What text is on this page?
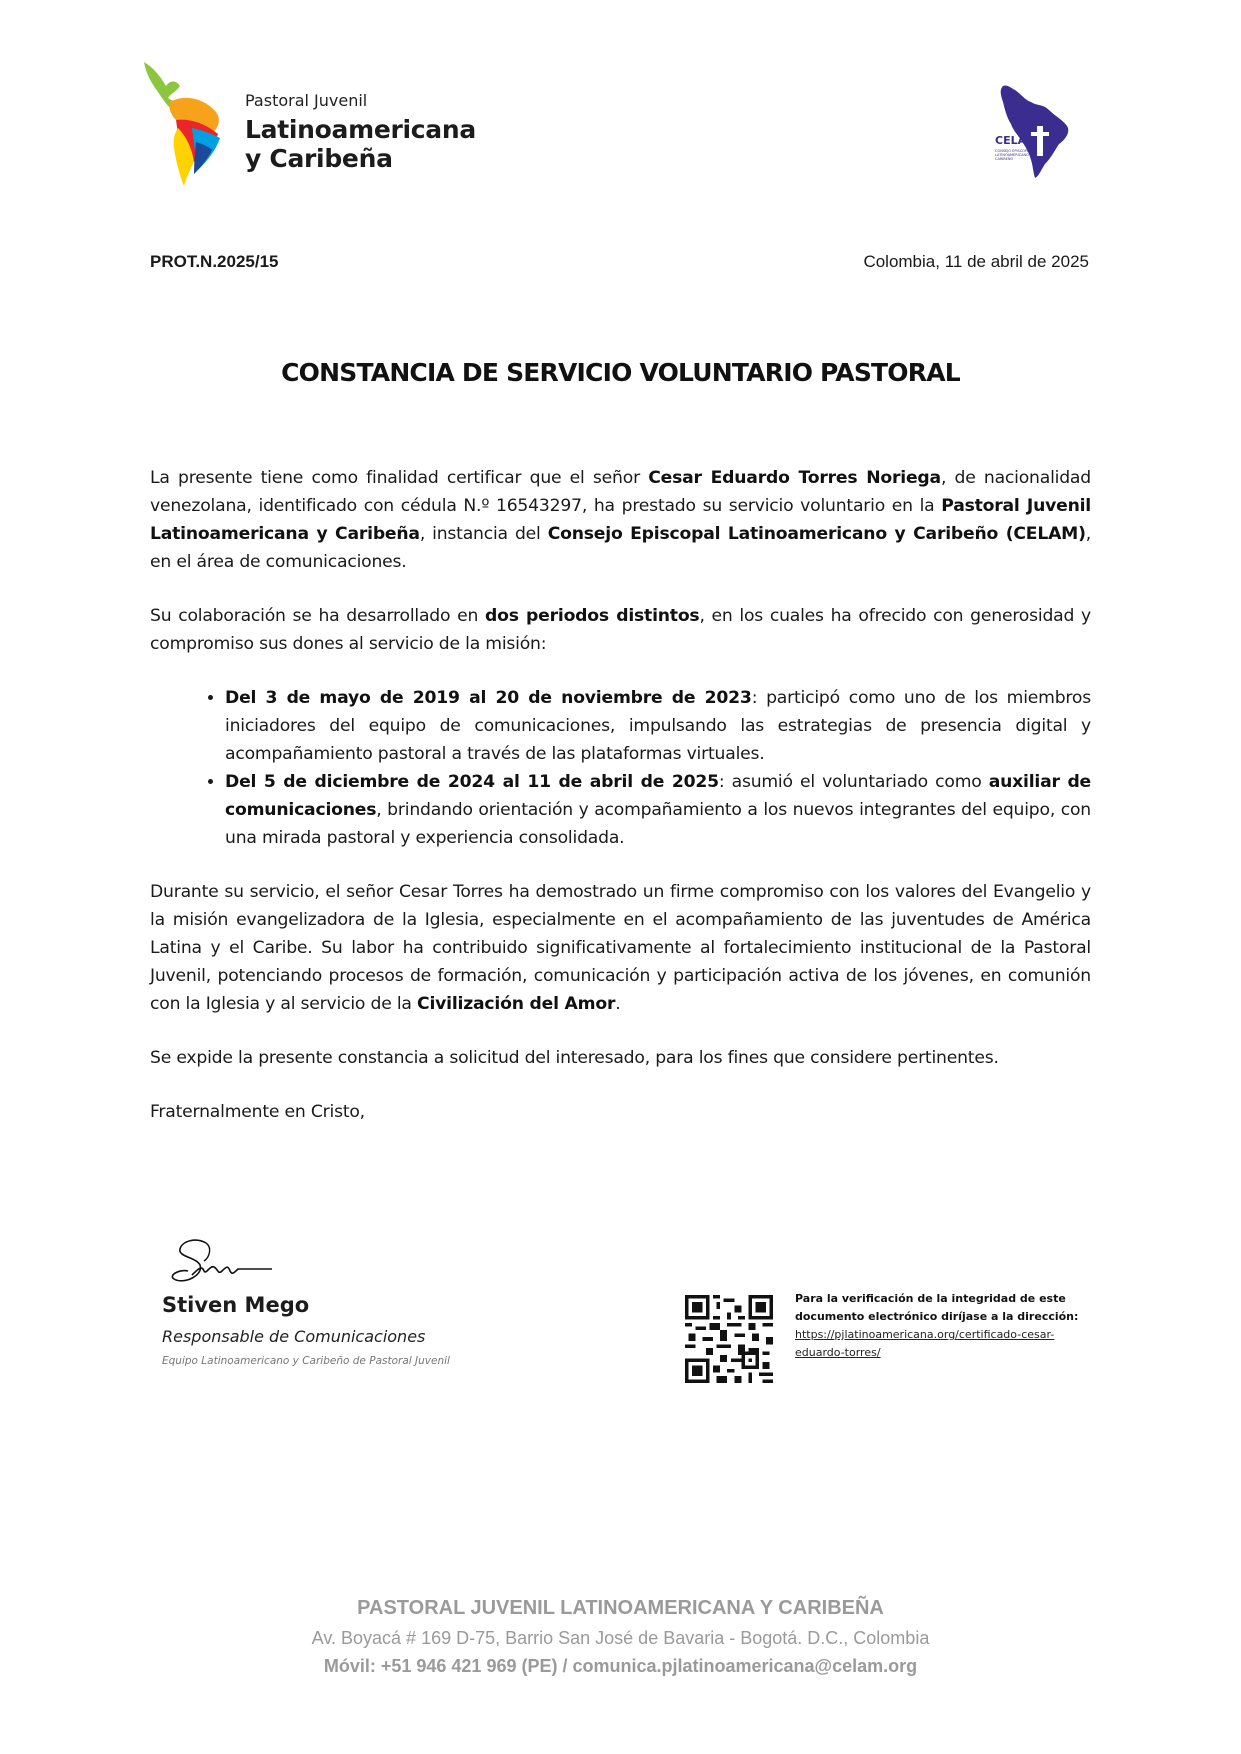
Pastoral Juvenil
Latinoamericana
y Caribeña
CELAM
CONSEJO EPISCOPAL LATINOAMERICANO Y CARIBEÑO
PROT.N.2025/15	Colombia, 11 de abril de 2025
CONSTANCIA DE SERVICIO VOLUNTARIO PASTORAL

La presente tiene como finalidad certificar que el señor Cesar Eduardo Torres Noriega, de nacionalidad venezolana, identificado con cédula N.º 16543297, ha prestado su servicio voluntario en la Pastoral Juvenil Latinoamericana y Caribeña, instancia del Consejo Episcopal Latinoamericano y Caribeño (CELAM), en el área de comunicaciones.

Su colaboración se ha desarrollado en dos periodos distintos, en los cuales ha ofrecido con generosidad y compromiso sus dones al servicio de la misión:

• Del 3 de mayo de 2019 al 20 de noviembre de 2023: participó como uno de los miembros iniciadores del equipo de comunicaciones, impulsando las estrategias de presencia digital y acompañamiento pastoral a través de las plataformas virtuales.
• Del 5 de diciembre de 2024 al 11 de abril de 2025: asumió el voluntariado como auxiliar de comunicaciones, brindando orientación y acompañamiento a los nuevos integrantes del equipo, con una mirada pastoral y experiencia consolidada.

Durante su servicio, el señor Cesar Torres ha demostrado un firme compromiso con los valores del Evangelio y la misión evangelizadora de la Iglesia, especialmente en el acompañamiento de las juventudes de América Latina y el Caribe. Su labor ha contribuido significativamente al fortalecimiento institucional de la Pastoral Juvenil, potenciando procesos de formación, comunicación y participación activa de los jóvenes, en comunión con la Iglesia y al servicio de la Civilización del Amor.

Se expide la presente constancia a solicitud del interesado, para los fines que considere pertinentes.

Fraternalmente en Cristo,

Stiven Mego
Responsable de Comunicaciones
Equipo Latinoamericano y Caribeño de Pastoral Juvenil
Para la verificación de la integridad de este documento electrónico diríjase a la dirección:
https://pjlatinoamericana.org/certificado-cesar-eduardo-torres/
PASTORAL JUVENIL LATINOAMERICANA Y CARIBEÑA
Av. Boyacá # 169 D-75, Barrio San José de Bavaria - Bogotá. D.C., Colombia
Móvil: +51 946 421 969 (PE) / comunica.pjlatinoamericana@celam.org
